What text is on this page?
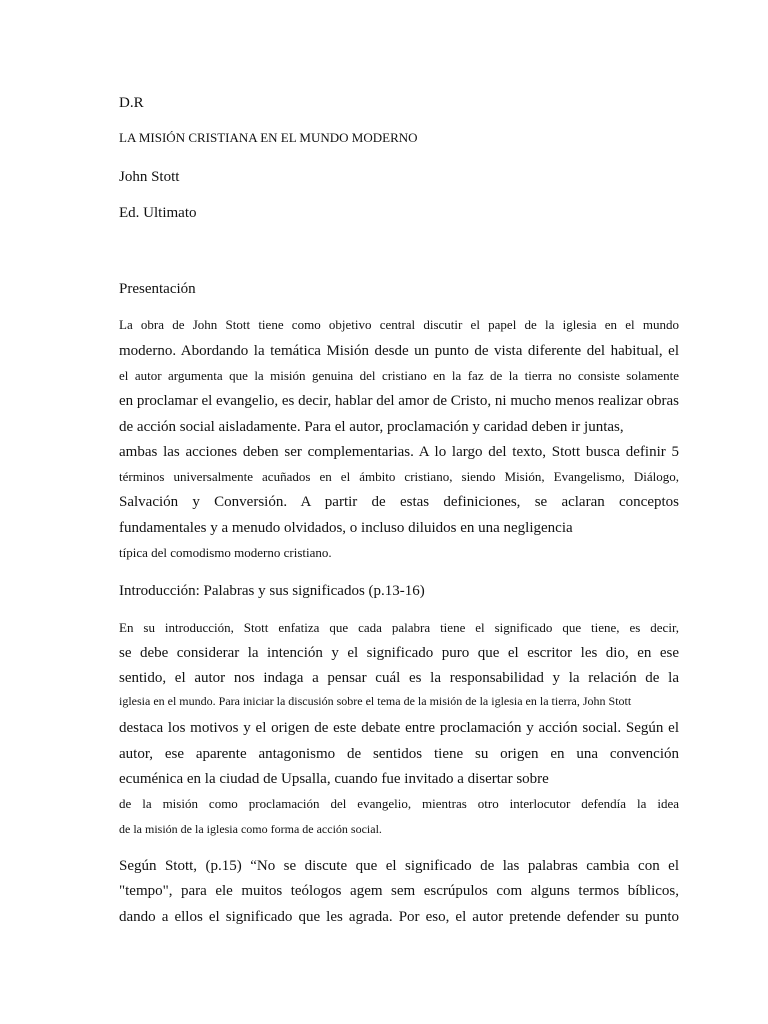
D.R
LA MISIÓN CRISTIANA EN EL MUNDO MODERNO
John Stott
Ed. Ultimato
Presentación
La obra de John Stott tiene como objetivo central discutir el papel de la iglesia en el mundo
moderno. Abordando la temática Misión desde un punto de vista diferente del habitual, el
el autor argumenta que la misión genuina del cristiano en la faz de la tierra no consiste solamente
en proclamar el evangelio, es decir, hablar del amor de Cristo, ni mucho menos realizar obras
de acción social aisladamente. Para el autor, proclamación y caridad deben ir juntas,
ambas las acciones deben ser complementarias. A lo largo del texto, Stott busca definir 5
términos universalmente acuñados en el ámbito cristiano, siendo Misión, Evangelismo, Diálogo,
Salvación y Conversión. A partir de estas definiciones, se aclaran conceptos
fundamentales y a menudo olvidados, o incluso diluidos en una negligencia
típica del comodismo moderno cristiano.
Introducción: Palabras y sus significados (p.13-16)
En su introducción, Stott enfatiza que cada palabra tiene el significado que tiene, es decir,
se debe considerar la intención y el significado puro que el escritor les dio, en ese
sentido, el autor nos indaga a pensar cuál es la responsabilidad y la relación de la
iglesia en el mundo. Para iniciar la discusión sobre el tema de la misión de la iglesia en la tierra, John Stott
destaca los motivos y el origen de este debate entre proclamación y acción social. Según el
autor, ese aparente antagonismo de sentidos tiene su origen en una convención
ecuménica en la ciudad de Upsalla, cuando fue invitado a disertar sobre
de la misión como proclamación del evangelio, mientras otro interlocutor defendía la idea
de la misión de la iglesia como forma de acción social.
Según Stott, (p.15) “No se discute que el significado de las palabras cambia con el
"tempo", para ele muitos teólogos agem sem escrúpulos com alguns termos bíblicos,
dando a ellos el significado que les agrada. Por eso, el autor pretende defender su punto
